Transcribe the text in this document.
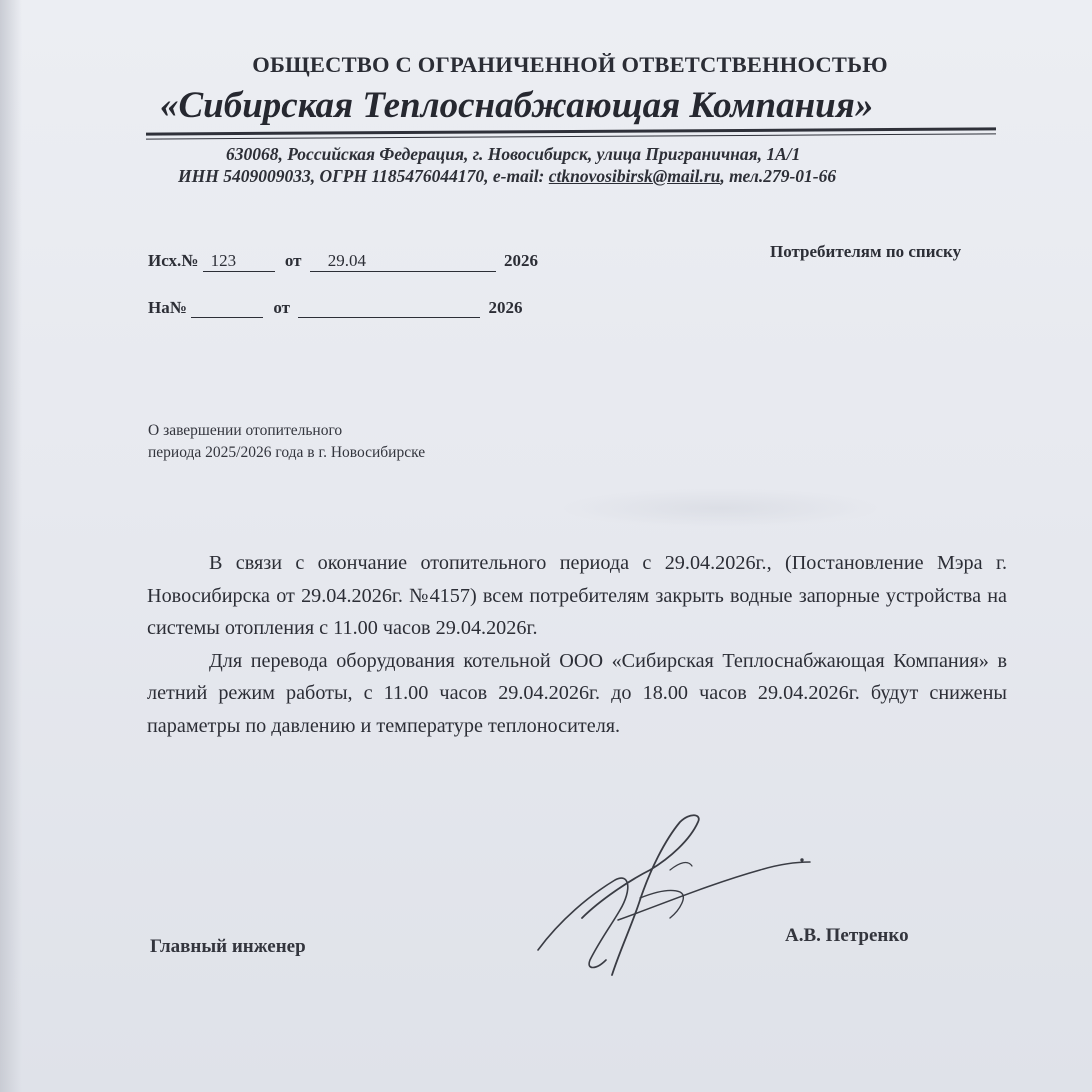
ОБЩЕСТВО С ОГРАНИЧЕННОЙ ОТВЕТСТВЕННОСТЬЮ
«Сибирская Теплоснабжающая Компания»
630068, Российская Федерация, г. Новосибирск, улица Приграничная, 1А/1
ИНН 5409009033, ОГРН 1185476044170, e-mail: ctknovosibirsk@mail.ru, тел.279-01-66
Исх.№ 123	от 29.04	2026
На№	от	2026
Потребителям по списку
О завершении отопительного
периода 2025/2026 года в г. Новосибирске

В связи с окончание отопительного периода с 29.04.2026г., (Постановление Мэра г. Новосибирска от 29.04.2026г. №4157) всем потребителям закрыть водные запорные устройства на системы отопления с 11.00 часов 29.04.2026г.

Для перевода оборудования котельной ООО «Сибирская Теплоснабжающая Компания» в летний режим работы, с 11.00 часов 29.04.2026г. до 18.00 часов 29.04.2026г. будут снижены параметры по давлению и температуре теплоносителя.

Главный инженер
А.В. Петренко
